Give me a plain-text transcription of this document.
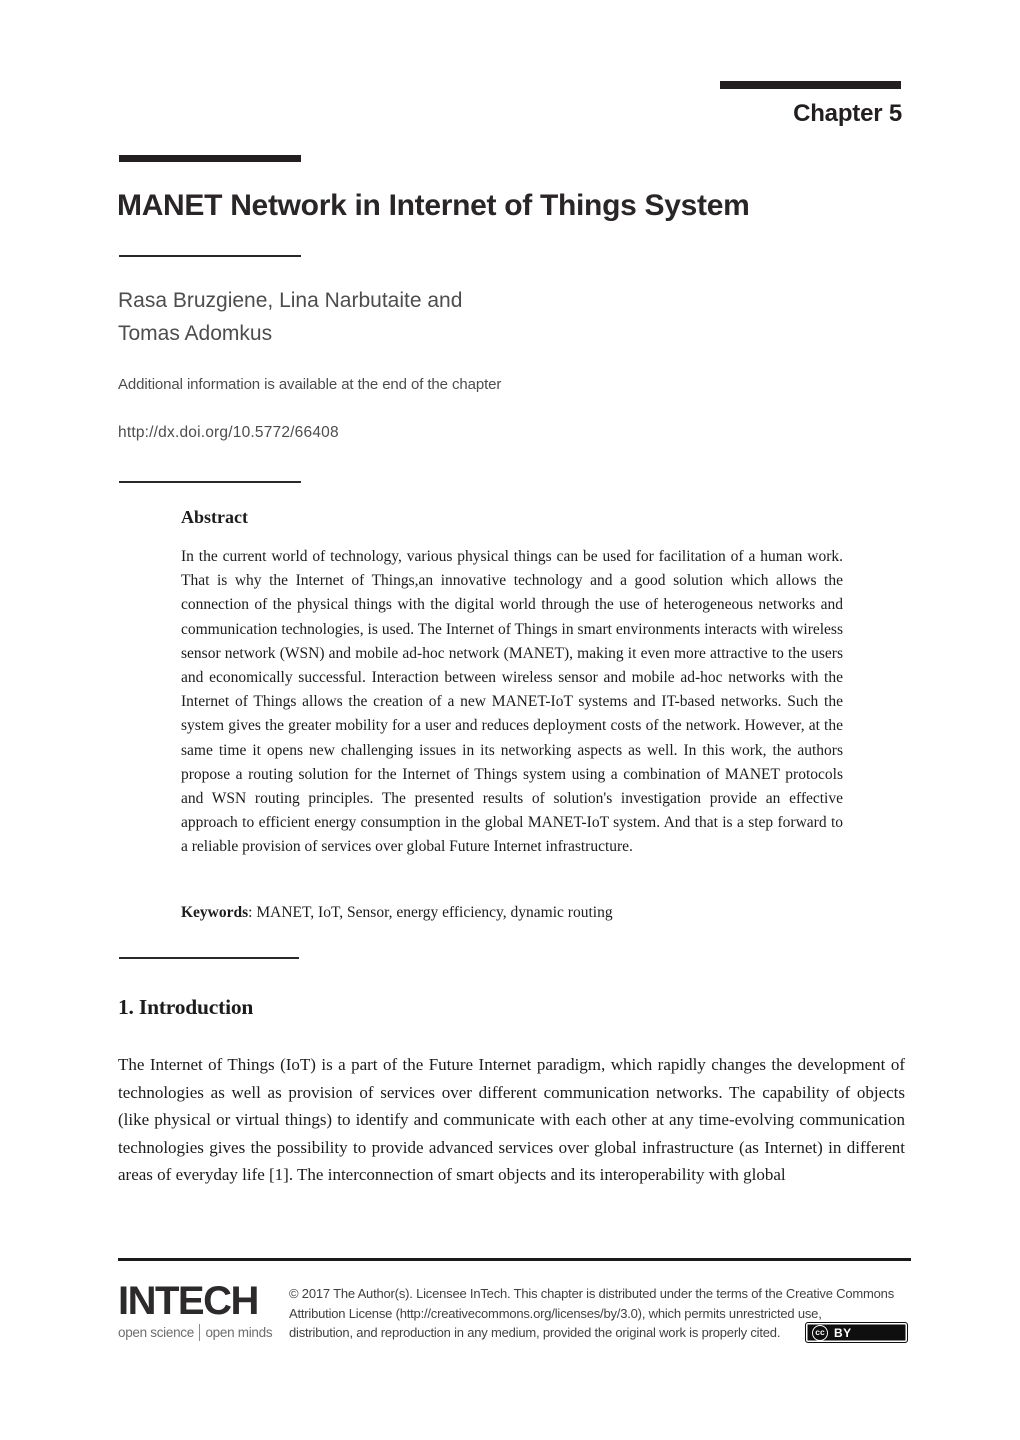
Chapter 5
MANET Network in Internet of Things System
Rasa Bruzgiene, Lina Narbutaite and
Tomas Adomkus
Additional information is available at the end of the chapter
http://dx.doi.org/10.5772/66408
Abstract
In the current world of technology, various physical things can be used for facilitation of a human work. That is why the Internet of Things,an innovative technology and a good solution which allows the connection of the physical things with the digital world through the use of heterogeneous networks and communication technologies, is used. The Internet of Things in smart environments interacts with wireless sensor network (WSN) and mobile ad-hoc network (MANET), making it even more attractive to the users and economically successful. Interaction between wireless sensor and mobile ad-hoc networks with the Internet of Things allows the creation of a new MANET-IoT systems and IT-based networks. Such the system gives the greater mobility for a user and reduces deployment costs of the network. However, at the same time it opens new challenging issues in its networking aspects as well. In this work, the authors propose a routing solution for the Internet of Things system using a combination of MANET protocols and WSN routing principles. The presented results of solution's investigation provide an effective approach to efficient energy consumption in the global MANET-IoT system. And that is a step forward to a reliable provision of services over global Future Internet infrastructure.
Keywords: MANET, IoT, Sensor, energy efficiency, dynamic routing
1. Introduction
The Internet of Things (IoT) is a part of the Future Internet paradigm, which rapidly changes the development of technologies as well as provision of services over different communication networks. The capability of objects (like physical or virtual things) to identify and communicate with each other at any time-evolving communication technologies gives the possibility to provide advanced services over global infrastructure (as Internet) in different areas of everyday life [1]. The interconnection of smart objects and its interoperability with global
INTECH
open science open minds
© 2017 The Author(s). Licensee InTech. This chapter is distributed under the terms of the Creative Commons
Attribution License (http://creativecommons.org/licenses/by/3.0), which permits unrestricted use,
distribution, and reproduction in any medium, provided the original work is properly cited.	cc BY
